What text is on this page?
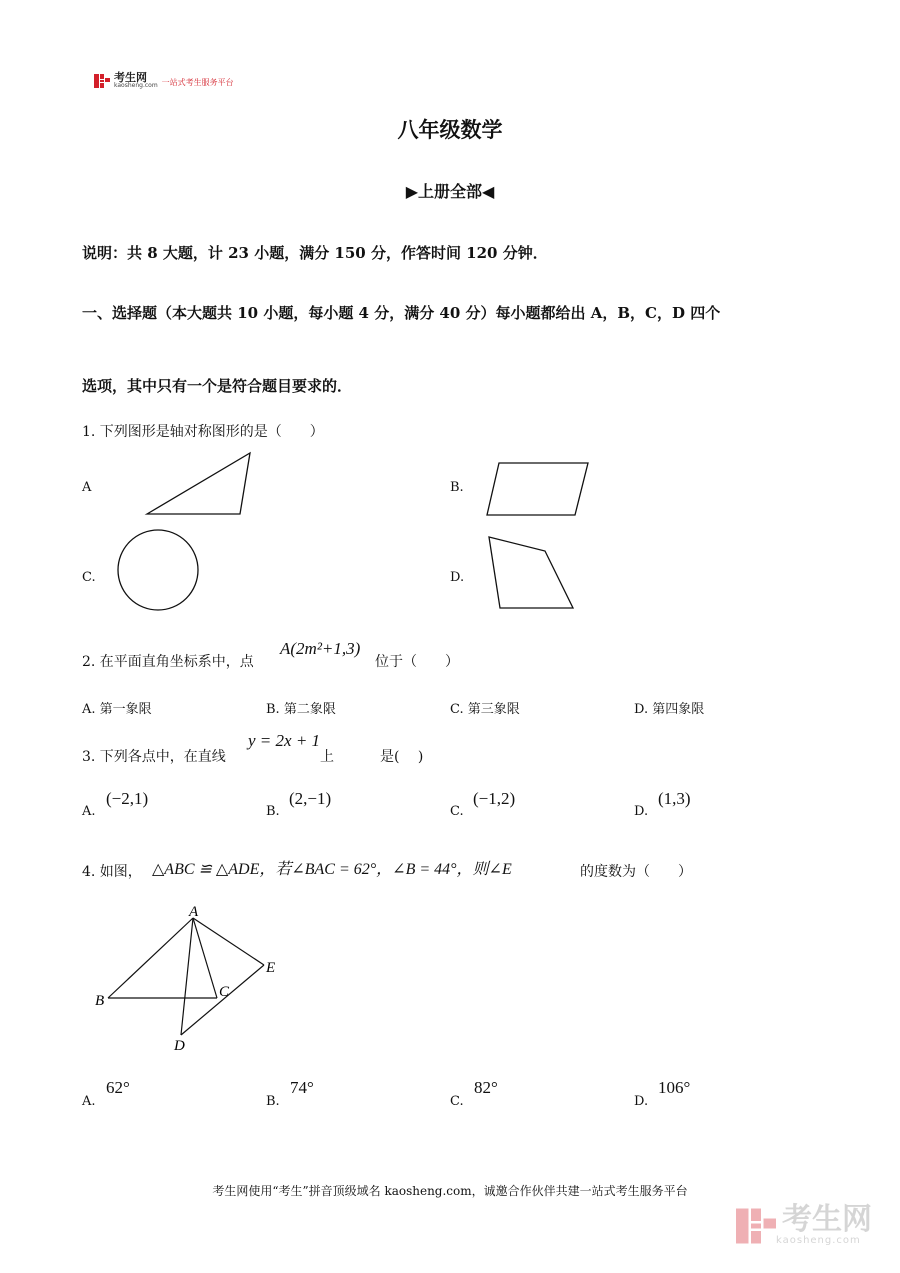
考生网
kaosheng.com 一站式考生服务平台
八年级数学
▶上册全部◀
说明：共 8 大题，计 23 小题，满分 150 分，作答时间 120 分钟．
一、选择题（本大题共 10 小题，每小题 4 分，满分 40 分）每小题都给出 A，B，C，D 四个
选项，其中只有一个是符合题目要求的．
1. 下列图形是轴对称图形的是（　　）
A	B.
C.	D.
2. 在平面直角坐标系中，点
A(2m²+1,3)
位于（　　）
A. 第一象限	B. 第二象限	C. 第三象限	D. 第四象限
3. 下列各点中，在直线
y = 2x + 1
上	是(　 )
A.
(−2,1)
B.
(2,−1)
C.
(−1,2)
D.
(1,3)
4. 如图， △ABC ≌ △ADE，若∠BAC = 62°，∠B = 44°，则∠E	的度数为（　　）
A
B
C
D
E
A.
62°
B.
74°
C.
82°
D.
106°
考生网使用“考生”拼音顶级域名 kaosheng.com，诚邀合作伙伴共建一站式考生服务平台
考生网
kaosheng.com
